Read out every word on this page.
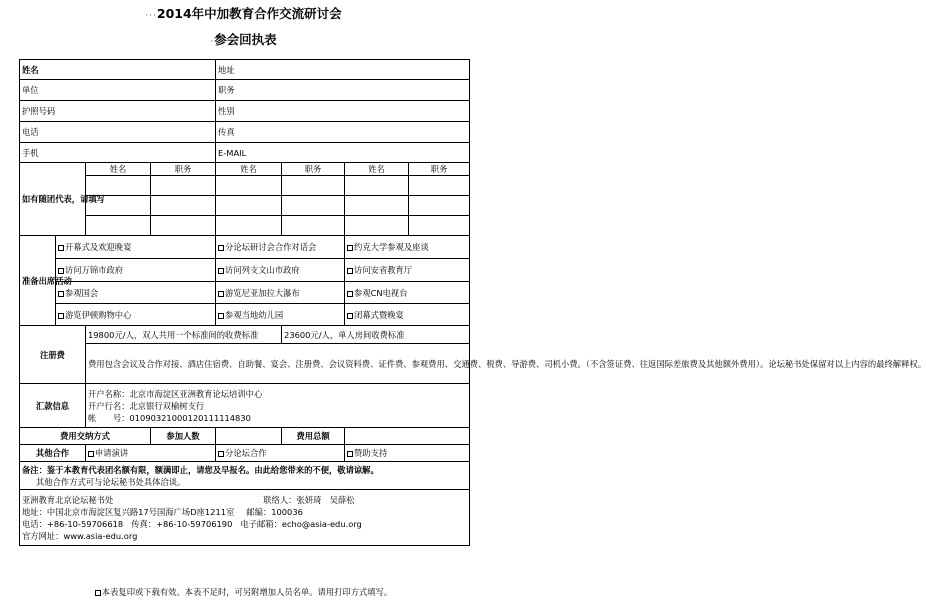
···2014年中加教育合作交流研讨会
·参会回执表
姓名				地址			
单位				职务			
护照号码				性别			
电话				传真			
手机				E-MAIL			
如有随团代表，请填写		姓名	职务	姓名	职务	姓名	职务

准备出席活动	开幕式及欢迎晚宴			分论坛研讨会合作对话会		约克大学参观及座谈	
	访问万锦市政府			访问列支文山市政府		访问安省教育厅	
	参观国会			游览尼亚加拉大瀑布		参观CN电视台	
	游览伊顿购物中心			参观当地幼儿园		闭幕式暨晚宴	
注册费		19800元/人，双人共用一个标准间的收费标准			23600元/人，单人房间收费标准		
		费用包含会议及合作对接、酒店住宿费、自助餐、宴会、注册费、会议资料费、证件费、参观费用、交通费、税费、导游费、司机小费。（不含签证费、往返国际差旅费及其他额外费用）。论坛秘书处保留对以上内容的最终解释权。					
汇款信息		开户名称：北京市海淀区亚洲教育论坛培训中心
开户行名：北京银行双榆树支行
帐　　号：01090321000120111114830					

费用交纳方式			参加人数		费用总额		
其他合作		申请演讲		分论坛合作		赞助支持	

备注：鉴于本教育代表团名额有限，额满即止，请您及早报名。由此给您带来的不便，敬请谅解。
其他合作方式可与论坛秘书处具体洽谈。							

亚洲教育北京论坛秘书处 联络人：张妍琦　吴薛松
地址：中国北京市海淀区复兴路17号国海广场D座1211室 邮编：100036
电话：+86-10-59706618 传真：+86-10-59706190 电子邮箱：echo@asia-edu.org
官方网址：www.asia-edu.org							
本表复印或下载有效。本表不足时，可另附增加人员名单。请用打印方式填写。
